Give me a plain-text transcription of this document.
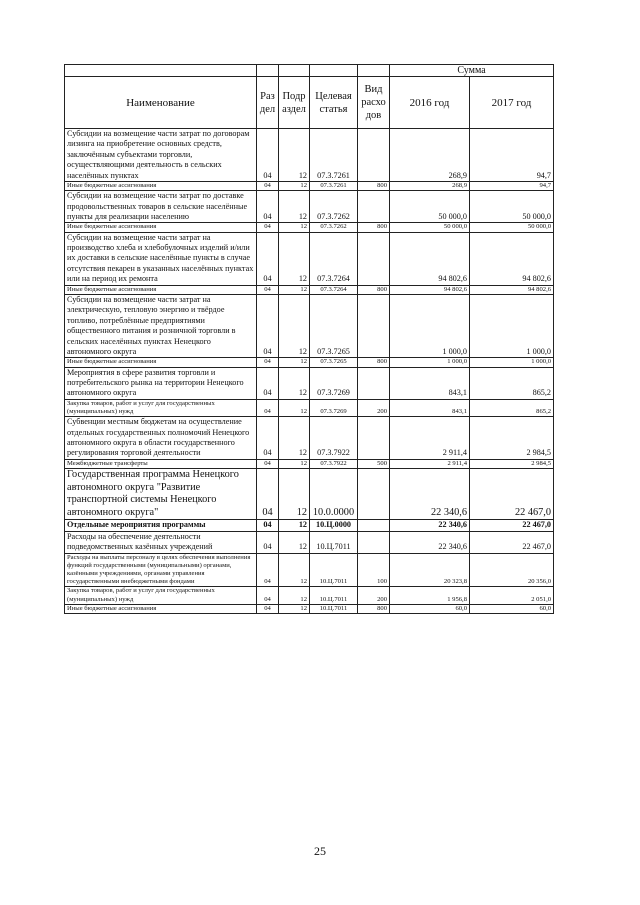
					Сумма	
Наименование	Раз дел	Подр аздел	Целевая статья	Вид расхо дов	2016 год	2017 год
Субсидии на возмещение части затрат по договорам лизинга на приобретение основных средств, заключённым субъектами торговли, осуществляющими деятельность в сельских населённых пунктах	04	12	07.3.7261		268,9	94,7
Иные бюджетные ассигнования	04	12	07.3.7261	800	268,9	94,7
Субсидии на возмещение части затрат по доставке продовольственных товаров в сельские населённые пункты для реализации населению	04	12	07.3.7262		50 000,0	50 000,0
Иные бюджетные ассигнования	04	12	07.3.7262	800	50 000,0	50 000,0
Субсидии на возмещение части затрат на производство хлеба и хлебобулочных изделий и/или их доставки в сельские населённые пункты в случае отсутствия пекарен в указанных населённых пунктах или на период их ремонта	04	12	07.3.7264		94 802,6	94 802,6
Иные бюджетные ассигнования	04	12	07.3.7264	800	94 802,6	94 802,6
Субсидии на возмещение части затрат на электрическую, тепловую энергию и твёрдое топливо, потреблённые предприятиями общественного питания и розничной торговли в сельских населённых пунктах Ненецкого автономного округа	04	12	07.3.7265		1 000,0	1 000,0
Иные бюджетные ассигнования	04	12	07.3.7265	800	1 000,0	1 000,0
Мероприятия в сфере развития торговли и потребительского рынка на территории Ненецкого автономного округа	04	12	07.3.7269		843,1	865,2
Закупка товаров, работ и услуг для государственных (муниципальных) нужд	04	12	07.3.7269	200	843,1	865,2
Субвенции местным бюджетам на осуществление отдельных государственных полномочий Ненецкого автономного округа в области государственного регулирования торговой деятельности	04	12	07.3.7922		2 911,4	2 984,5
Межбюджетные трансферты	04	12	07.3.7922	500	2 911,4	2 984,5
Государственная программа Ненецкого автономного округа "Развитие транспортной системы Ненецкого автономного округа"	04	12	10.0.0000		22 340,6	22 467,0
Отдельные мероприятия программы	04	12	10.Ц.0000		22 340,6	22 467,0
Расходы на обеспечение деятельности подведомственных казённых учреждений	04	12	10.Ц.7011		22 340,6	22 467,0
Расходы на выплаты персоналу в целях обеспечения выполнения функций государственными (муниципальными) органами, казёнными учреждениями, органами управления государственными внебюджетными фондами	04	12	10.Ц.7011	100	20 323,8	20 356,0
Закупка товаров, работ и услуг для государственных (муниципальных) нужд	04	12	10.Ц.7011	200	1 956,8	2 051,0
Иные бюджетные ассигнования	04	12	10.Ц.7011	800	60,0	60,0
25
